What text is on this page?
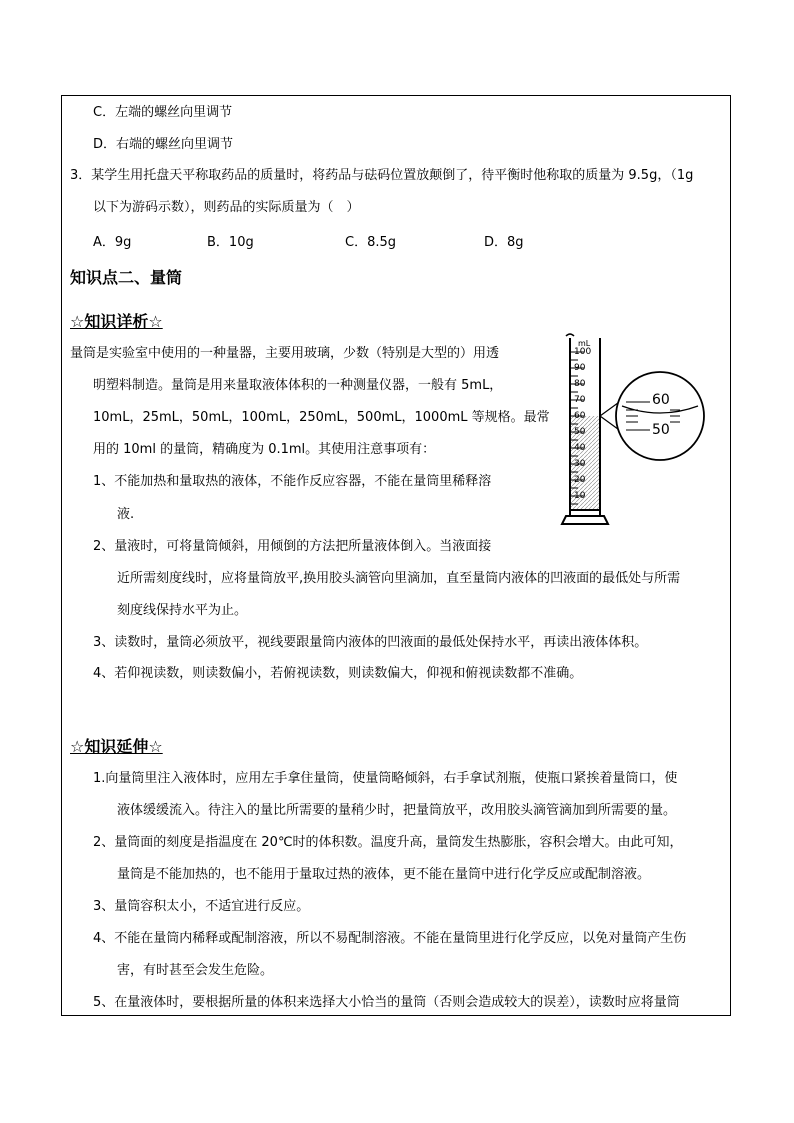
C．左端的螺丝向里调节
D．右端的螺丝向里调节
3．某学生用托盘天平称取药品的质量时，将药品与砝码位置放颠倒了，待平衡时他称取的质量为 9.5g，（1g
以下为游码示数），则药品的实际质量为（　）
A．9g	B．10g	C．8.5g	D．8g
知识点二、量筒
☆知识详析☆
量筒是实验室中使用的一种量器，主要用玻璃，少数（特别是大型的）用透
明塑料制造。量筒是用来量取液体体积的一种测量仪器，一般有 5mL，
10mL，25mL，50mL，100mL，250mL，500mL，1000mL 等规格。最常
用的 10ml 的量筒，精确度为 0.1ml。其使用注意事项有：
1、不能加热和量取热的液体，不能作反应容器，不能在量筒里稀释溶
液.
2、量液时，可将量筒倾斜，用倾倒的方法把所量液体倒入。当液面接
近所需刻度线时，应将量筒放平,换用胶头滴管向里滴加，直至量筒内液体的凹液面的最低处与所需
刻度线保持水平为止。
3、读数时，量筒必须放平，视线要跟量筒内液体的凹液面的最低处保持水平，再读出液体体积。
4、若仰视读数，则读数偏小，若俯视读数，则读数偏大，仰视和俯视读数都不准确。
mL
100
90
80
70
60
50
40
30
20
10
60
50
☆知识延伸☆
1.向量筒里注入液体时，应用左手拿住量筒，使量筒略倾斜，右手拿试剂瓶，使瓶口紧挨着量筒口，使
液体缓缓流入。待注入的量比所需要的量稍少时，把量筒放平，改用胶头滴管滴加到所需要的量。
2、量筒面的刻度是指温度在 20℃时的体积数。温度升高，量筒发生热膨胀，容积会增大。由此可知，
量筒是不能加热的，也不能用于量取过热的液体，更不能在量筒中进行化学反应或配制溶液。
3、量筒容积太小，不适宜进行反应。
4、不能在量筒内稀释或配制溶液，所以不易配制溶液。不能在量筒里进行化学反应，以免对量筒产生伤
害，有时甚至会发生危险。
5、在量液体时，要根据所量的体积来选择大小恰当的量筒（否则会造成较大的误差），读数时应将量筒
